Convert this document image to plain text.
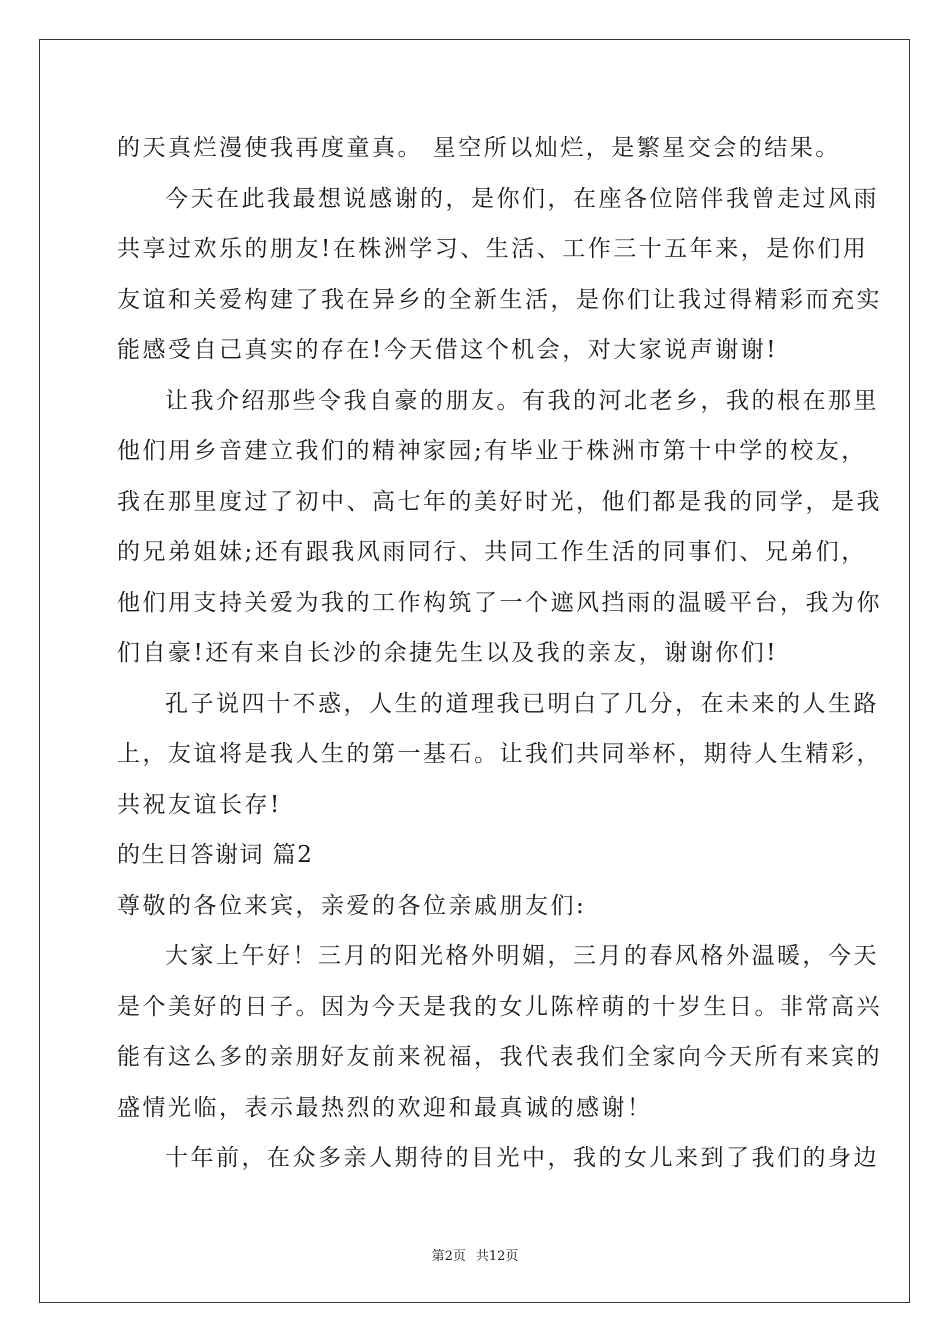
的天真烂漫使我再度童真。 星空所以灿烂，是繁星交会的结果。
今天在此我最想说感谢的，是你们，在座各位陪伴我曾走过风雨
共享过欢乐的朋友!在株洲学习、生活、工作三十五年来，是你们用
友谊和关爱构建了我在异乡的全新生活，是你们让我过得精彩而充实
能感受自己真实的存在!今天借这个机会，对大家说声谢谢!
让我介绍那些令我自豪的朋友。有我的河北老乡，我的根在那里
他们用乡音建立我们的精神家园;有毕业于株洲市第十中学的校友，
我在那里度过了初中、高七年的美好时光，他们都是我的同学，是我
的兄弟姐妹;还有跟我风雨同行、共同工作生活的同事们、兄弟们，
他们用支持关爱为我的工作构筑了一个遮风挡雨的温暖平台，我为你
们自豪!还有来自长沙的余捷先生以及我的亲友，谢谢你们!
孔子说四十不惑，人生的道理我已明白了几分，在未来的人生路
上，友谊将是我人生的第一基石。让我们共同举杯，期待人生精彩，
共祝友谊长存!
的生日答谢词 篇2
尊敬的各位来宾，亲爱的各位亲戚朋友们:
大家上午好！三月的阳光格外明媚，三月的春风格外温暖，今天
是个美好的日子。因为今天是我的女儿陈梓萌的十岁生日。非常高兴
能有这么多的亲朋好友前来祝福，我代表我们全家向今天所有来宾的
盛情光临，表示最热烈的欢迎和最真诚的感谢！
十年前，在众多亲人期待的目光中，我的女儿来到了我们的身边
第2页 共12页
